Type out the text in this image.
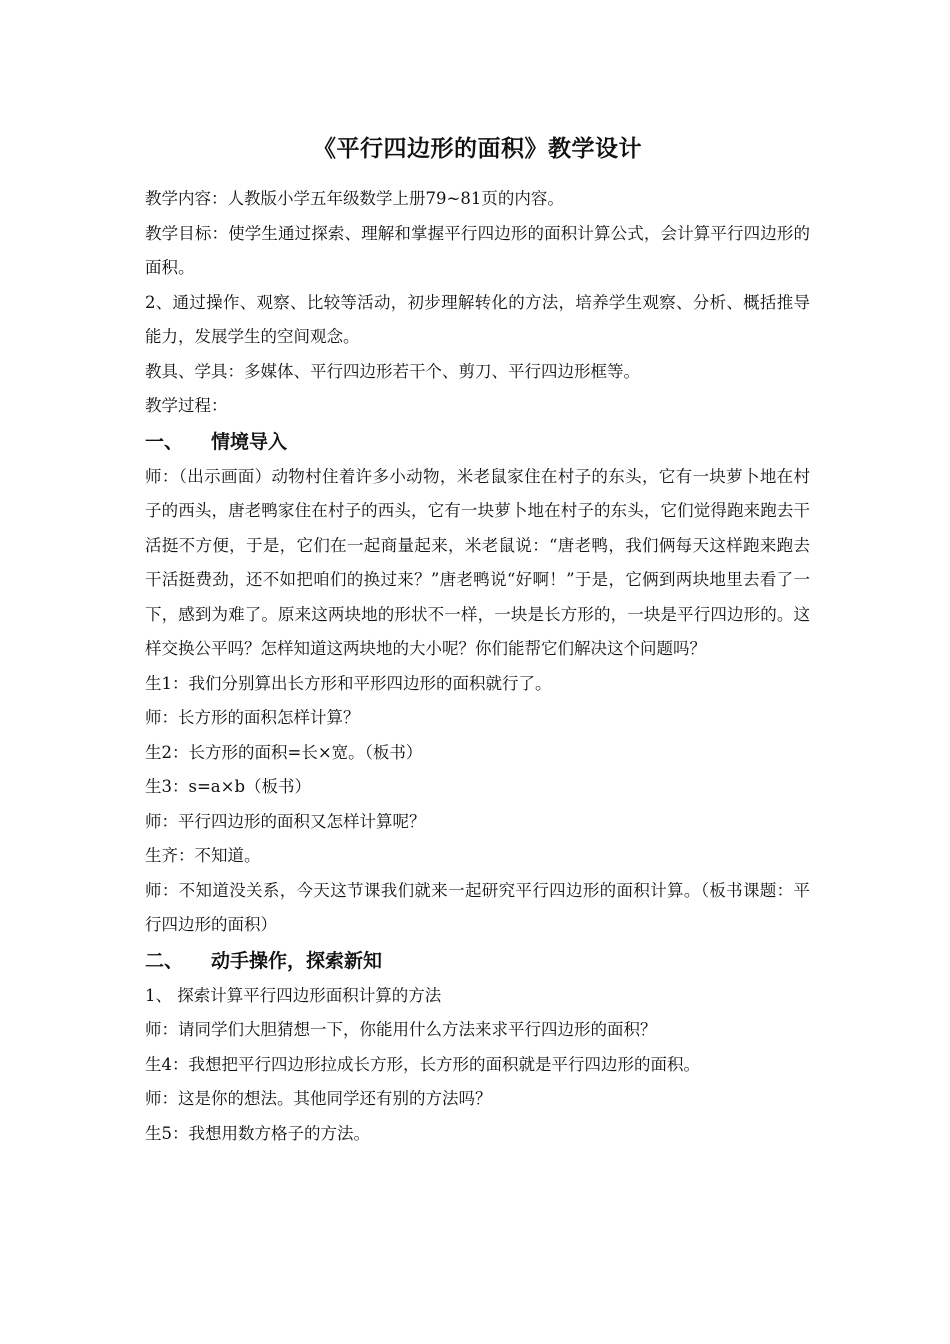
《平行四边形的面积》教学设计

教学内容：人教版小学五年级数学上册79~81页的内容。

教学目标：使学生通过探索、理解和掌握平行四边形的面积计算公式，会计算平行四边形的面积。

2、通过操作、观察、比较等活动，初步理解转化的方法，培养学生观察、分析、概括推导能力，发展学生的空间观念。

教具、学具：多媒体、平行四边形若干个、剪刀、平行四边形框等。

教学过程：

一、 情境导入

师：（出示画面）动物村住着许多小动物，米老鼠家住在村子的东头，它有一块萝卜地在村子的西头，唐老鸭家住在村子的西头，它有一块萝卜地在村子的东头，它们觉得跑来跑去干活挺不方便，于是，它们在一起商量起来，米老鼠说：“唐老鸭，我们俩每天这样跑来跑去干活挺费劲，还不如把咱们的换过来？”唐老鸭说“好啊！”于是，它俩到两块地里去看了一下，感到为难了。原来这两块地的形状不一样，一块是长方形的，一块是平行四边形的。这样交换公平吗？怎样知道这两块地的大小呢？你们能帮它们解决这个问题吗？

生1：我们分别算出长方形和平形四边形的面积就行了。

师：长方形的面积怎样计算？

生2：长方形的面积=长×宽。（板书）

生3：s=a×b（板书）

师：平行四边形的面积又怎样计算呢？

生齐：不知道。

师：不知道没关系，今天这节课我们就来一起研究平行四边形的面积计算。（板书课题：平行四边形的面积）

二、 动手操作，探索新知

1、 探索计算平行四边形面积计算的方法

师：请同学们大胆猜想一下，你能用什么方法来求平行四边形的面积？

生4：我想把平行四边形拉成长方形，长方形的面积就是平行四边形的面积。

师：这是你的想法。其他同学还有别的方法吗？

生5：我想用数方格子的方法。
